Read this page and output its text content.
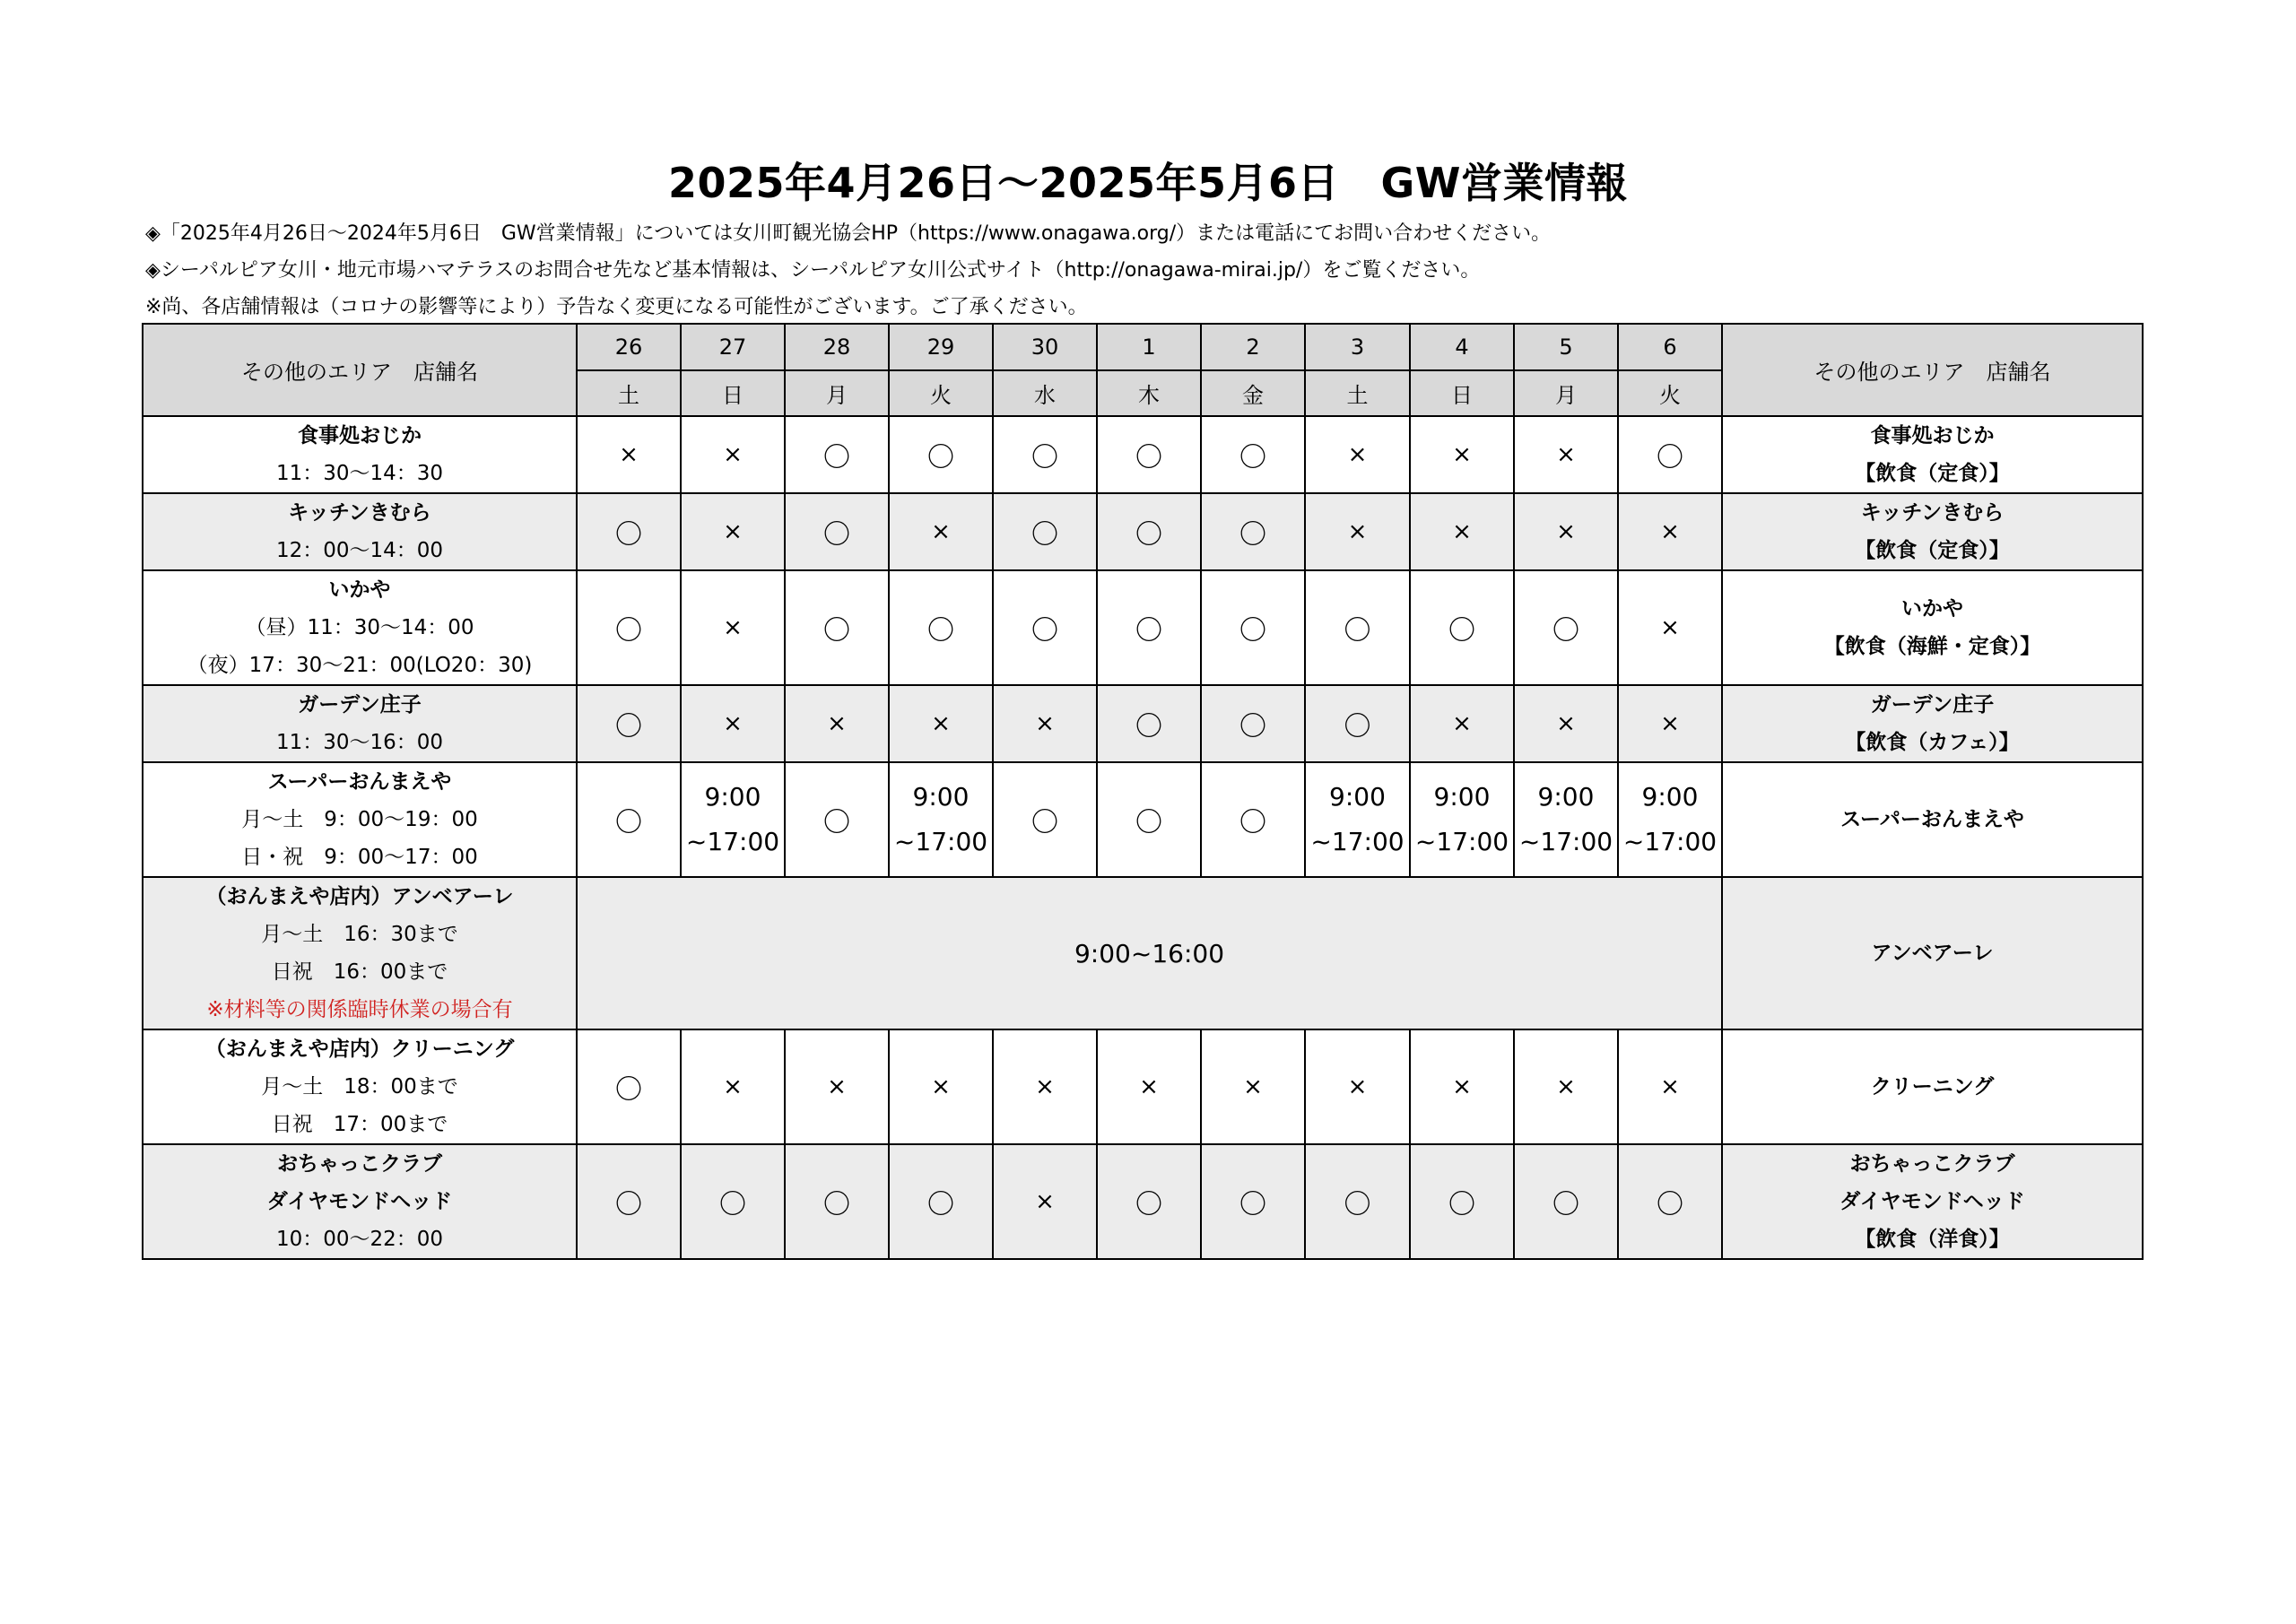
2025年4月26日～2025年5月6日　GW営業情報
◈「2025年4月26日～2024年5月6日　GW営業情報」については女川町観光協会HP（https://www.onagawa.org/）または電話にてお問い合わせください。
◈シーパルピア女川・地元市場ハマテラスのお問合せ先など基本情報は、シーパルピア女川公式サイト（http://onagawa-mirai.jp/）をご覧ください。
※尚、各店舗情報は（コロナの影響等により）予告なく変更になる可能性がございます。ご了承ください。
その他のエリア　店舗名	26	27	28	29	30	1	2	3	4	5	6	その他のエリア　店舗名
	土	日	月	火	水	木	金	土	日	月	火	

食事処おじか
11：30～14：30	×	×	〇	〇	〇	〇	〇	×	×	×	〇	食事処おじか
【飲食（定食）】

キッチンきむら
12：00～14：00	〇	×	〇	×	〇	〇	〇	×	×	×	×	キッチンきむら
【飲食（定食）】

いかや
（昼）11：30～14：00
（夜）17：30～21：00(LO20：30)	〇	×	〇	〇	〇	〇	〇	〇	〇	〇	×	いかや
【飲食（海鮮・定食）】

ガーデン庄子
11：30～16：00	〇	×	×	×	×	〇	〇	〇	×	×	×	ガーデン庄子
【飲食（カフェ）】

スーパーおんまえや
月～土　9：00～19：00
日・祝　9：00～17：00	〇	9:00
~17:00	〇	9:00
~17:00	〇	〇	〇	9:00
~17:00	9:00
~17:00	9:00
~17:00	9:00
~17:00	スーパーおんまえや

（おんまえや店内）アンベアーレ
月～土　16：30まで
日祝　16：00まで
※材料等の関係臨時休業の場合有	9:00~16:00											アンベアーレ

（おんまえや店内）クリーニング
月～土　18：00まで
日祝　17：00まで	〇	×	×	×	×	×	×	×	×	×	×	クリーニング

おちゃっこクラブ
ダイヤモンドヘッド
10：00～22：00	〇	〇	〇	〇	×	〇	〇	〇	〇	〇	〇	おちゃっこクラブ
ダイヤモンドヘッド
【飲食（洋食）】
